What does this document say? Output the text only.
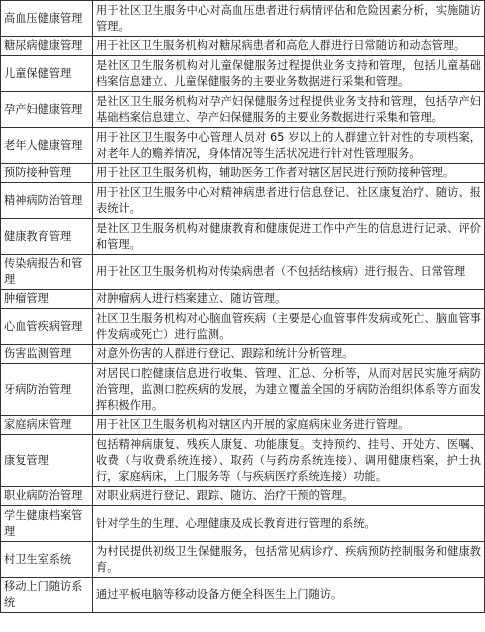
高血压健康管理	用于社区卫生服务中心对高血压患者进行病情评估和危险因素分析，实施随访管理。
糖尿病健康管理	用于社区卫生服务机构对糖尿病患者和高危人群进行日常随访和动态管理。
儿童保健管理	是社区卫生服务机构对儿童保健服务过程提供业务支持和管理，包括儿童基础档案信息建立、儿童保健服务的主要业务数据进行采集和管理。
孕产妇健康管理	是社区卫生服务机构对孕产妇保健服务过程提供业务支持和管理，包括孕产妇基础档案信息建立、孕产妇保健服务的主要业务数据进行采集和管理。
老年人健康管理	用于社区卫生服务中心管理人员对 65 岁以上的人群建立针对性的专项档案，对老年人的赡养情况，身体情况等生活状况进行针对性管理服务。
预防接种管理	用于社区卫生服务机构，辅助医务工作者对辖区居民进行预防接种管理。
精神病防治管理	用于社区卫生服务中心对精神病患者进行信息登记、社区康复治疗、随访、报表统计。
健康教育管理	是社区卫生服务机构对健康教育和健康促进工作中产生的信息进行记录、评价和管理。
传染病报告和管理	用于社区卫生服务机构对传染病患者（不包括结核病）进行报告、日常管理
肿瘤管理	对肿瘤病人进行档案建立、随访管理。
心血管疾病管理	社区卫生服务机构对心脑血管疾病（主要是心血管事件发病或死亡、脑血管事件发病或死亡）进行监测。
伤害监测管理	对意外伤害的人群进行登记、跟踪和统计分析管理。
牙病防治管理	对居民口腔健康信息进行收集、管理、汇总、分析等，从而对居民实施牙病防治管理，监测口腔疾病的发展，为建立覆盖全国的牙病防治组织体系等方面发挥积极作用。
家庭病床管理	用于社区卫生服务机构对辖区内开展的家庭病床业务进行管理。
康复管理	包括精神病康复、残疾人康复、功能康复。支持预约、挂号、开处方、医嘱、收费（与收费系统连接）、取药（与药房系统连接）、调用健康档案，护士执行，家庭病床，上门服务等（与疾病医疗系统连接）功能。
职业病防治管理	对职业病进行登记、跟踪、随访、治疗干预的管理。
学生健康档案管理	针对学生的生理、心理健康及成长教育进行管理的系统。
村卫生室系统	为村民提供初级卫生保健服务，包括常见病诊疗、疾病预防控制服务和健康教育。
移动上门随访系统	通过平板电脑等移动设备方便全科医生上门随访。
